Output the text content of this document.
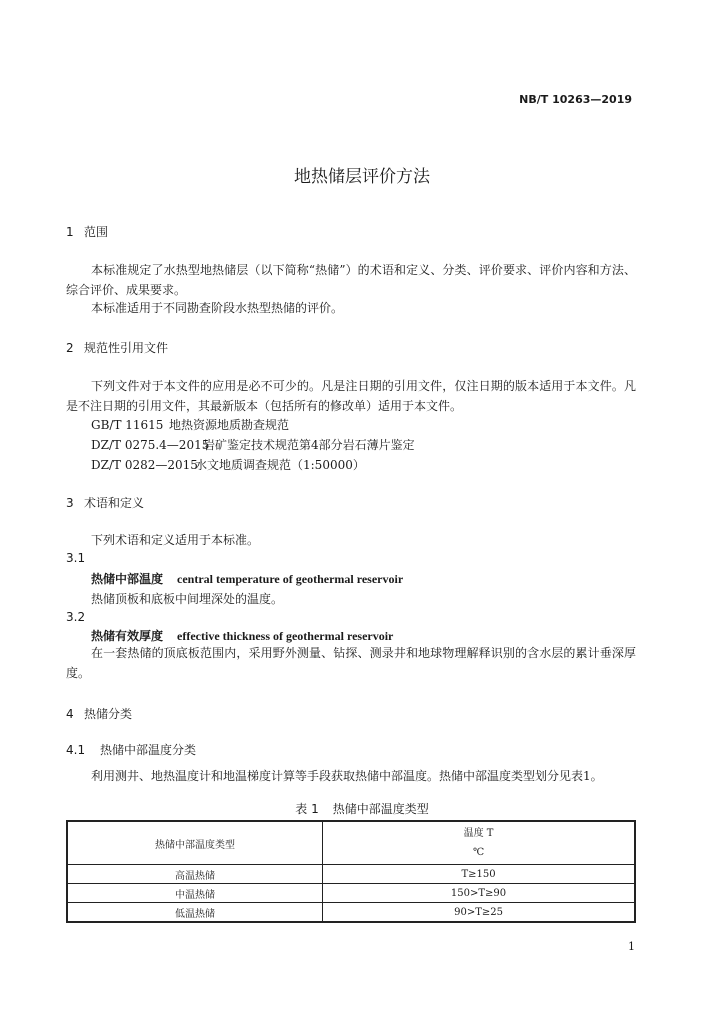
NB/T 10263—2019
地热储层评价方法
1 范围
本标准规定了水热型地热储层（以下简称“热储”）的术语和定义、分类、评价要求、评价内容和方法、综合评价、成果要求。
本标准适用于不同勘查阶段水热型热储的评价。
2 规范性引用文件
下列文件对于本文件的应用是必不可少的。凡是注日期的引用文件，仅注日期的版本适用于本文件。凡是不注日期的引用文件，其最新版本（包括所有的修改单）适用于本文件。
GB/T 11615 地热资源地质勘查规范
DZ/T 0275.4—2015岩矿鉴定技术规范第4部分岩石薄片鉴定
DZ/T 0282—2015水文地质调查规范（1:50000）
3 术语和定义
下列术语和定义适用于本标准。
3.1
热储中部温度 central temperature of geothermal reservoir
热储顶板和底板中间埋深处的温度。
3.2
热储有效厚度 effective thickness of geothermal reservoir
在一套热储的顶底板范围内，采用野外测量、钻探、测录井和地球物理解释识别的含水层的累计垂深厚度。
4 热储分类
4.1 热储中部温度分类
利用测井、地热温度计和地温梯度计算等手段获取热储中部温度。热储中部温度类型划分见表1。
表 1 热储中部温度类型
热储中部温度类型	温度 T
℃

高温热储	T≥150
中温热储	150>T≥90
低温热储	90>T≥25
1
